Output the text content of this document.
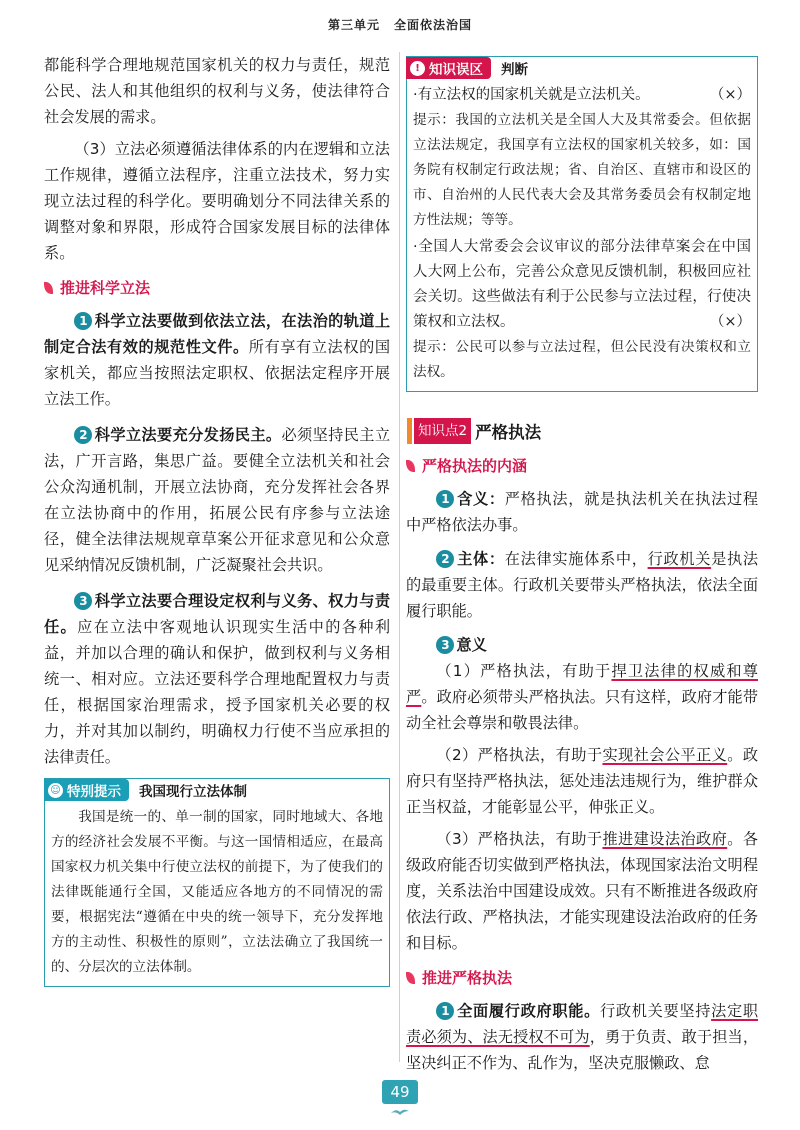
第三单元 全面依法治国

都能科学合理地规范国家机关的权力与责任，规范公民、法人和其他组织的权利与义务，使法律符合社会发展的需求。

（3）立法必须遵循法律体系的内在逻辑和立法工作规律，遵循立法程序，注重立法技术，努力实现立法过程的科学化。要明确划分不同法律关系的调整对象和界限，形成符合国家发展目标的法律体系。

推进科学立法

1 科学立法要做到依法立法，在法治的轨道上制定合法有效的规范性文件。所有享有立法权的国家机关，都应当按照法定职权、依据法定程序开展立法工作。

2 科学立法要充分发扬民主。必须坚持民主立法，广开言路，集思广益。要健全立法机关和社会公众沟通机制，开展立法协商，充分发挥社会各界在立法协商中的作用，拓展公民有序参与立法途径，健全法律法规规章草案公开征求意见和公众意见采纳情况反馈机制，广泛凝聚社会共识。

3 科学立法要合理设定权利与义务、权力与责任。应在立法中客观地认识现实生活中的各种利益，并加以合理的确认和保护，做到权利与义务相统一、相对应。立法还要科学合理地配置权力与责任，根据国家治理需求，授予国家机关必要的权力，并对其加以制约，明确权力行使不当应承担的法律责任。

☺ 特别提示 我国现行立法体制

我国是统一的、单一制的国家，同时地域大、各地方的经济社会发展不平衡。与这一国情相适应，在最高国家权力机关集中行使立法权的前提下，为了使我们的法律既能通行全国，又能适应各地方的不同情况的需要，根据宪法“遵循在中央的统一领导下，充分发挥地方的主动性、积极性的原则”，立法法确立了我国统一的、分层次的立法体制。

! 知识误区 判断

·有立法权的国家机关就是立法机关。	（×）

提示：我国的立法机关是全国人大及其常委会。但依据立法法规定，我国享有立法权的国家机关较多，如：国务院有权制定行政法规；省、自治区、直辖市和设区的市、自治州的人民代表大会及其常务委员会有权制定地方性法规；等等。

·全国人大常委会会议审议的部分法律草案会在中国人大网上公布，完善公众意见反馈机制，积极回应社会关切。这些做法有利于公民参与立法过程，行使决策权和立法权。	（×）

提示：公民可以参与立法过程，但公民没有决策权和立法权。

知识点2 严格执法
严格执法的内涵

1 含义：严格执法，就是执法机关在执法过程中严格依法办事。

2 主体：在法律实施体系中，行政机关是执法的最重要主体。行政机关要带头严格执法，依法全面履行职能。

3 意义

（1）严格执法，有助于捍卫法律的权威和尊严。政府必须带头严格执法。只有这样，政府才能带动全社会尊崇和敬畏法律。

（2）严格执法，有助于实现社会公平正义。政府只有坚持严格执法，惩处违法违规行为，维护群众正当权益，才能彰显公平，伸张正义。

（3）严格执法，有助于推进建设法治政府。各级政府能否切实做到严格执法，体现国家法治文明程度，关系法治中国建设成效。只有不断推进各级政府依法行政、严格执法，才能实现建设法治政府的任务和目标。

推进严格执法

1 全面履行政府职能。行政机关要坚持法定职责必须为、法无授权不可为，勇于负责、敢于担当，坚决纠正不作为、乱作为，坚决克服懒政、怠

49
